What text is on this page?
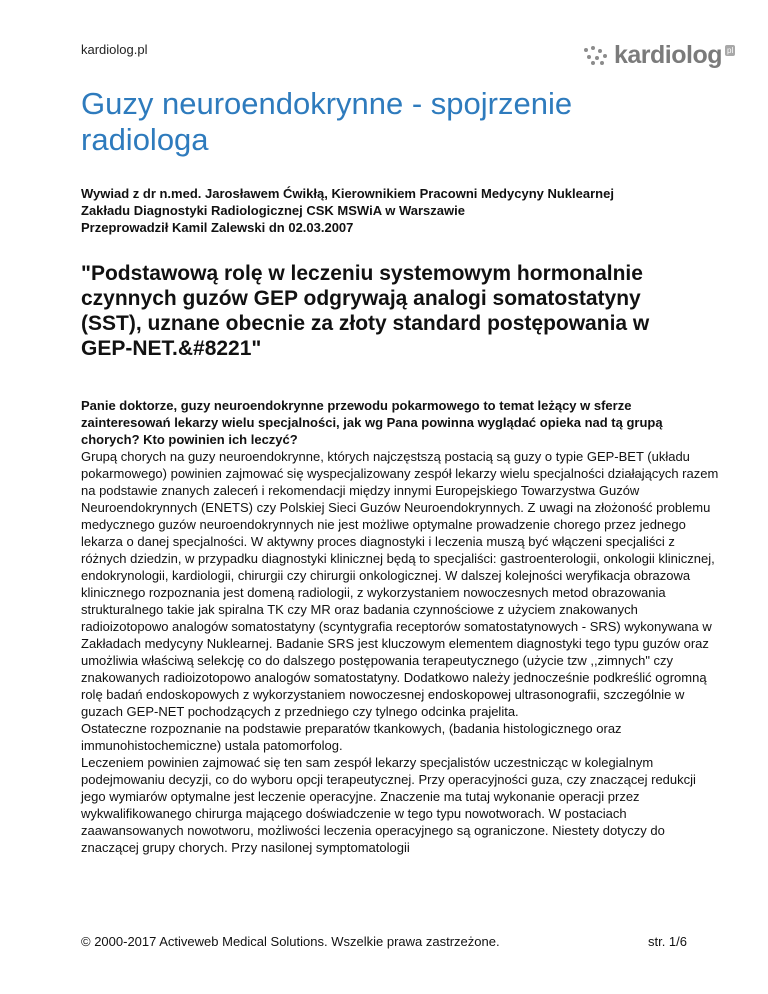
kardiolog.pl	kardiolog pl
Guzy neuroendokrynne - spojrzenie radiologa
Wywiad z dr n.med. Jarosławem Ćwikłą, Kierownikiem Pracowni Medycyny Nuklearnej
Zakładu Diagnostyki Radiologicznej CSK MSWiA w Warszawie
Przeprowadził Kamil Zalewski dn 02.03.2007
"Podstawową rolę w leczeniu systemowym hormonalnie czynnych guzów GEP odgrywają analogi somatostatyny (SST), uznane obecnie za złoty standard postępowania w GEP-NET.&#8221"
Panie doktorze, guzy neuroendokrynne przewodu pokarmowego to temat leżący w sferze zainteresowań lekarzy wielu specjalności, jak wg Pana powinna wyglądać opieka nad tą grupą chorych? Kto powinien ich leczyć?

Grupą chorych na guzy neuroendokrynne, których najczęstszą postacią są guzy o typie GEP-BET (układu pokarmowego) powinien zajmować się wyspecjalizowany zespół lekarzy wielu specjalności działających razem na podstawie znanych zaleceń i rekomendacji między innymi Europejskiego Towarzystwa Guzów Neuroendokrynnych (ENETS) czy Polskiej Sieci Guzów Neuroendokrynnych. Z uwagi na złożoność problemu medycznego guzów neuroendokrynnych nie jest możliwe optymalne prowadzenie chorego przez jednego lekarza o danej specjalności. W aktywny proces diagnostyki i leczenia muszą być włączeni specjaliści z różnych dziedzin, w przypadku diagnostyki klinicznej będą to specjaliści: gastroenterologii, onkologii klinicznej, endokrynologii, kardiologii, chirurgii czy chirurgii onkologicznej. W dalszej kolejności weryfikacja obrazowa klinicznego rozpoznania jest domeną radiologii, z wykorzystaniem nowoczesnych metod obrazowania strukturalnego takie jak spiralna TK czy MR oraz badania czynnościowe z użyciem znakowanych radioizotopowo analogów somatostatyny (scyntygrafia receptorów somatostatynowych - SRS) wykonywana w Zakładach medycyny Nuklearnej. Badanie SRS jest kluczowym elementem diagnostyki tego typu guzów oraz umożliwia właściwą selekcję co do dalszego postępowania terapeutycznego (użycie tzw ,,zimnych" czy znakowanych radioizotopowo analogów somatostatyny. Dodatkowo należy jednocześnie podkreślić ogromną rolę badań endoskopowych z wykorzystaniem nowoczesnej endoskopowej ultrasonografii, szczególnie w guzach GEP-NET pochodzących z przedniego czy tylnego odcinka prajelita.

Ostateczne rozpoznanie na podstawie preparatów tkankowych, (badania histologicznego oraz immunohistochemiczne) ustala patomorfolog.

Leczeniem powinien zajmować się ten sam zespół lekarzy specjalistów uczestnicząc w kolegialnym podejmowaniu decyzji, co do wyboru opcji terapeutycznej. Przy operacyjności guza, czy znaczącej redukcji jego wymiarów optymalne jest leczenie operacyjne. Znaczenie ma tutaj wykonanie operacji przez wykwalifikowanego chirurga mającego doświadczenie w tego typu nowotworach. W postaciach zaawansowanych nowotworu, możliwości leczenia operacyjnego są ograniczone. Niestety dotyczy do znaczącej grupy chorych. Przy nasilonej symptomatologii

© 2000-2017 Activeweb Medical Solutions. Wszelkie prawa zastrzeżone.	str. 1/6
